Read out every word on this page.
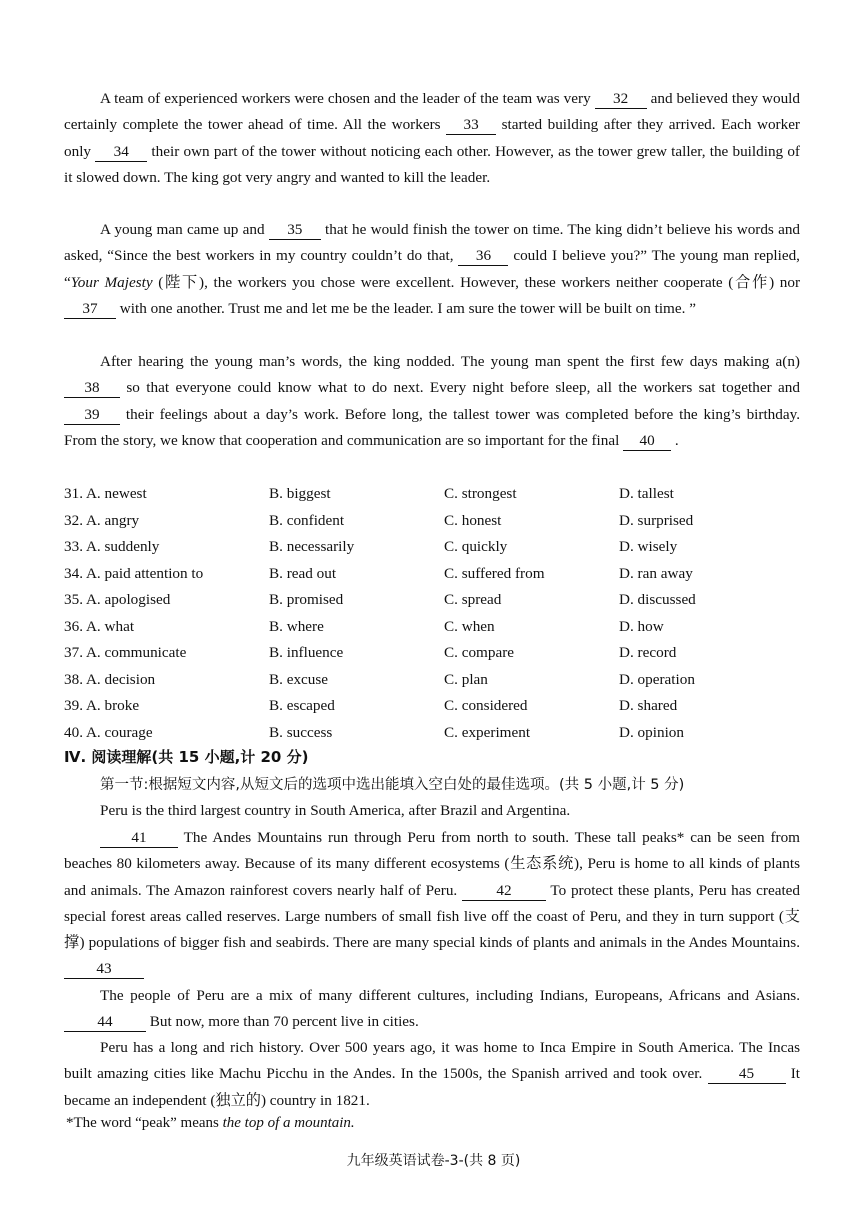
A team of experienced workers were chosen and the leader of the team was very 32 and believed they would certainly complete the tower ahead of time. All the workers 33 started building after they arrived. Each worker only 34 their own part of the tower without noticing each other. However, as the tower grew taller, the building of it slowed down. The king got very angry and wanted to kill the leader.

A young man came up and 35 that he would finish the tower on time. The king didn’t believe his words and asked, “Since the best workers in my country couldn’t do that, 36 could I believe you?” The young man replied, “Your Majesty (陛下), the workers you chose were excellent. However, these workers neither cooperate (合作) nor 37 with one another. Trust me and let me be the leader. I am sure the tower will be built on time. ”

After hearing the young man’s words, the king nodded. The young man spent the first few days making a(n) 38 so that everyone could know what to do next. Every night before sleep, all the workers sat together and 39 their feelings about a day’s work. Before long, the tallest tower was completed before the king’s birthday. From the story, we know that cooperation and communication are so important for the final 40 .

31. A. newest	B. biggest	C. strongest	D. tallest
32. A. angry	B. confident	C. honest	D. surprised
33. A. suddenly	B. necessarily	C. quickly	D. wisely
34. A. paid attention to	B. read out	C. suffered from	D. ran away
35. A. apologised	B. promised	C. spread	D. discussed
36. A. what	B. where	C. when	D. how
37. A. communicate	B. influence	C. compare	D. record
38. A. decision	B. excuse	C. plan	D. operation
39. A. broke	B. escaped	C. considered	D. shared
40. A. courage	B. success	C. experiment	D. opinion
Ⅳ. 阅读理解(共 15 小题,计 20 分)
第一节:根据短文内容,从短文后的选项中选出能填入空白处的最佳选项。(共 5 小题,计 5 分)

Peru is the third largest country in South America, after Brazil and Argentina.

41 The Andes Mountains run through Peru from north to south. These tall peaks* can be seen from beaches 80 kilometers away. Because of its many different ecosystems (生态系统), Peru is home to all kinds of plants and animals. The Amazon rainforest covers nearly half of Peru. 42 To protect these plants, Peru has created special forest areas called reserves. Large numbers of small fish live off the coast of Peru, and they in turn support (支撑) populations of bigger fish and seabirds. There are many special kinds of plants and animals in the Andes Mountains. 43

The people of Peru are a mix of many different cultures, including Indians, Europeans, Africans and Asians. 44 But now, more than 70 percent live in cities.

Peru has a long and rich history. Over 500 years ago, it was home to Inca Empire in South America. The Incas built amazing cities like Machu Picchu in the Andes. In the 1500s, the Spanish arrived and took over. 45 It became an independent (独立的) country in 1821.

*The word “peak” means the top of a mountain.
九年级英语试卷-3-(共 8 页)
